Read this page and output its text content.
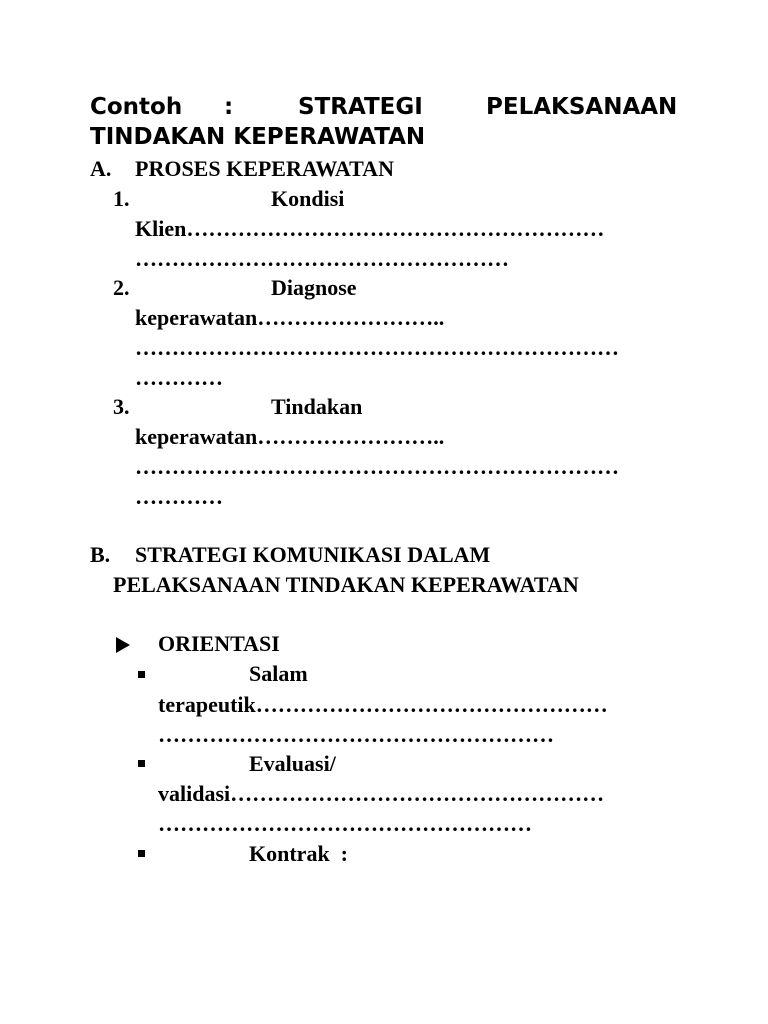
Contoh :	STRATEGI	PELAKSANAAN
TINDAKAN KEPERAWATAN
A. PROSES KEPERAWATAN
1.	Kondisi
Klien…………………………………………………
……………………………………………
2.	Diagnose
keperawatan……………………..
…………………………………………………………
…………
3.	Tindakan
keperawatan……………………..
…………………………………………………………
…………
B. STRATEGI KOMUNIKASI DALAM
PELAKSANAAN TINDAKAN KEPERAWATAN
ORIENTASI
Salam
terapeutik…………………………………………
………………………………………………
Evaluasi/
validasi……………………………………………
……………………………………………
Kontrak  :
